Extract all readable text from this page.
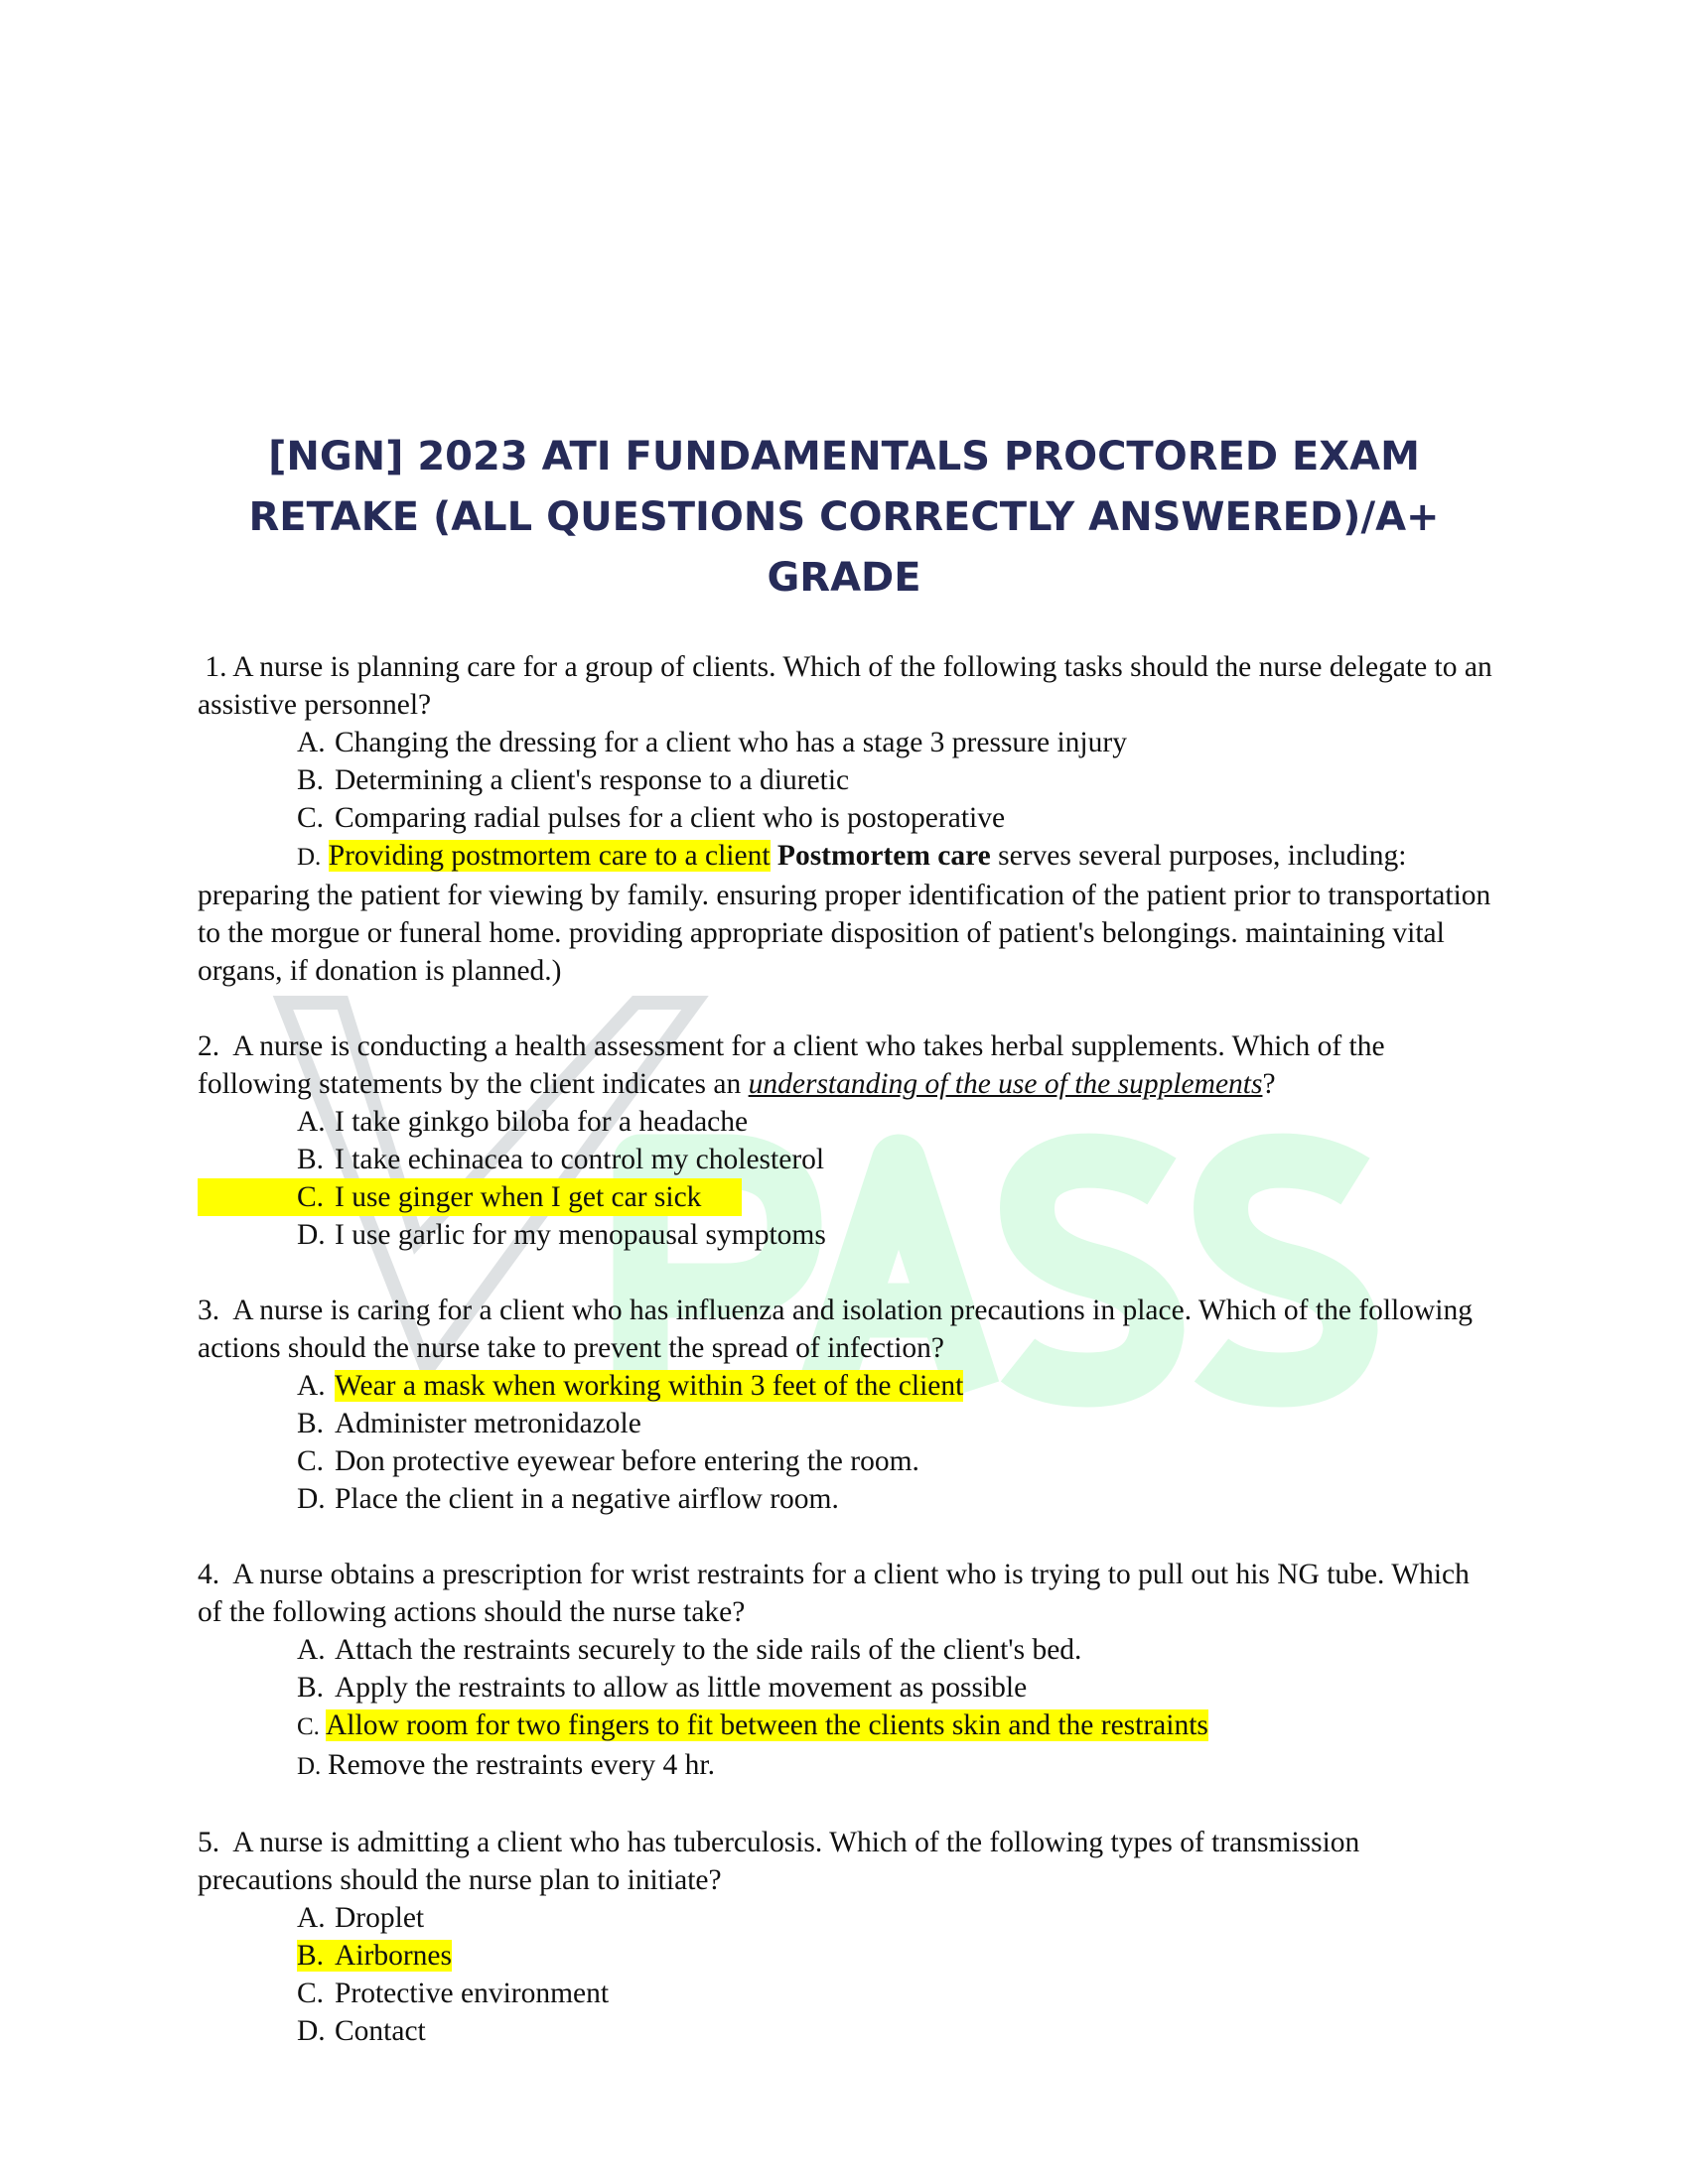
[NGN] 2023 ATI FUNDAMENTALS PROCTORED EXAM RETAKE (ALL QUESTIONS CORRECTLY ANSWERED)/A+ GRADE
1. A nurse is planning care for a group of clients. Which of the following tasks should the nurse delegate to an assistive personnel?
A. Changing the dressing for a client who has a stage 3 pressure injury
B. Determining a client's response to a diuretic
C. Comparing radial pulses for a client who is postoperative
D. Providing postmortem care to a client Postmortem care serves several purposes, including: preparing the patient for viewing by family. ensuring proper identification of the patient prior to transportation to the morgue or funeral home. providing appropriate disposition of patient's belongings. maintaining vital organs, if donation is planned.)
2. A nurse is conducting a health assessment for a client who takes herbal supplements. Which of the following statements by the client indicates an understanding of the use of the supplements?
A. I take ginkgo biloba for a headache
B. I take echinacea to control my cholesterol
C. I use ginger when I get car sick
D. I use garlic for my menopausal symptoms
3. A nurse is caring for a client who has influenza and isolation precautions in place. Which of the following actions should the nurse take to prevent the spread of infection?
A. Wear a mask when working within 3 feet of the client
B. Administer metronidazole
C. Don protective eyewear before entering the room.
D. Place the client in a negative airflow room.
4. A nurse obtains a prescription for wrist restraints for a client who is trying to pull out his NG tube. Which of the following actions should the nurse take?
A. Attach the restraints securely to the side rails of the client's bed.
B. Apply the restraints to allow as little movement as possible
C. Allow room for two fingers to fit between the clients skin and the restraints
D. Remove the restraints every 4 hr.
5. A nurse is admitting a client who has tuberculosis. Which of the following types of transmission precautions should the nurse plan to initiate?
A. Droplet
B. Airbornes
C. Protective environment
D. Contact
